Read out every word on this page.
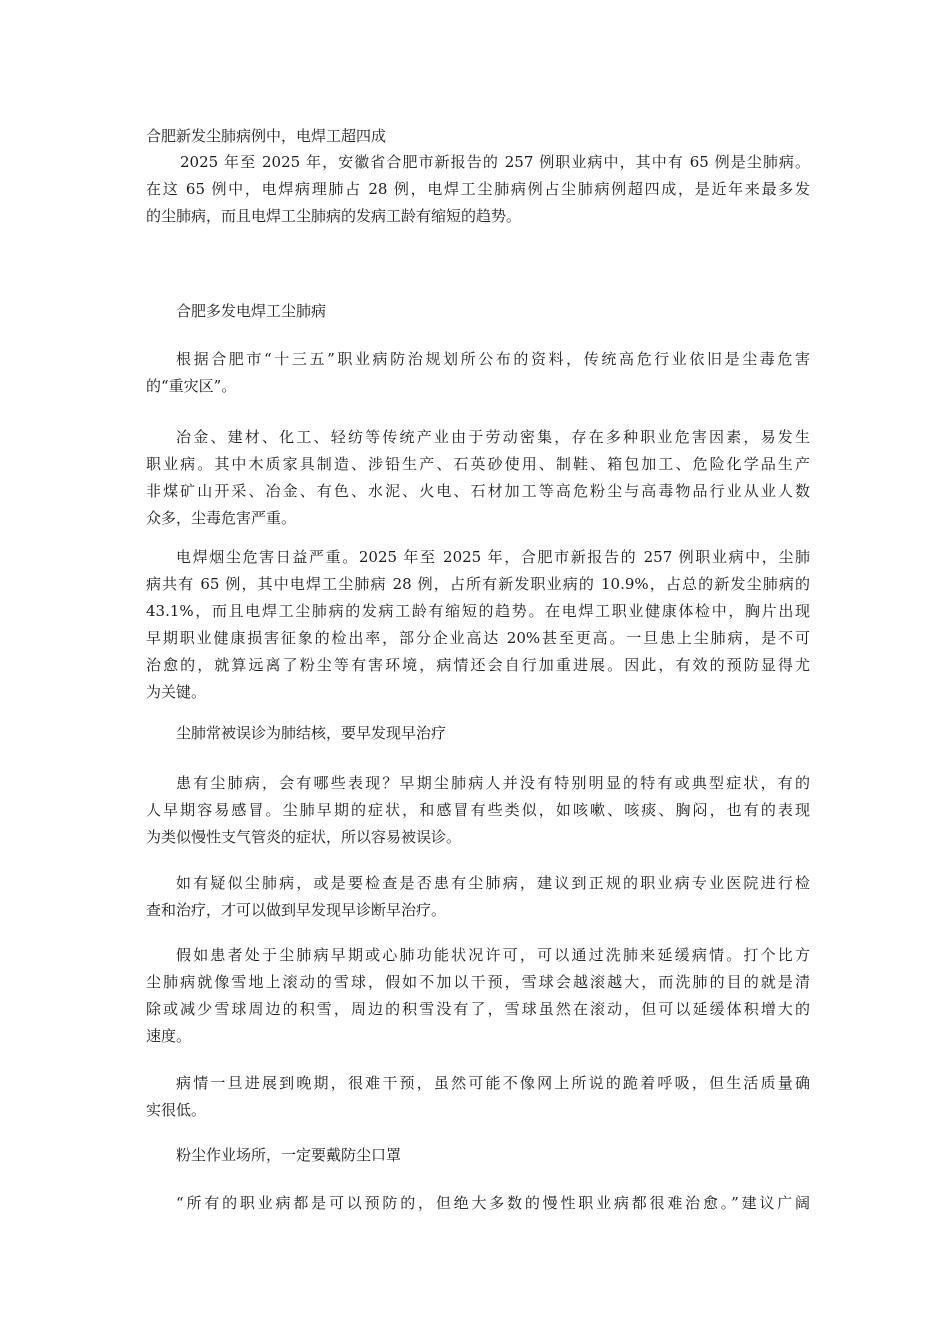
合肥新发尘肺病例中，电焊工超四成
2025 年至 2025 年，安徽省合肥市新报告的 257 例职业病中，其中有 65 例是尘肺病。
在这 65 例中，电焊病理肺占 28 例，电焊工尘肺病例占尘肺病例超四成，是近年来最多发
的尘肺病，而且电焊工尘肺病的发病工龄有缩短的趋势。
合肥多发电焊工尘肺病
根据合肥市“十三五”职业病防治规划所公布的资料，传统高危行业依旧是尘毒危害
的“重灾区”。
冶金、建材、化工、轻纺等传统产业由于劳动密集，存在多种职业危害因素，易发生
职业病。其中木质家具制造、涉铅生产、石英砂使用、制鞋、箱包加工、危险化学品生产
非煤矿山开采、冶金、有色、水泥、火电、石材加工等高危粉尘与高毒物品行业从业人数
众多，尘毒危害严重。
电焊烟尘危害日益严重。2025 年至 2025 年，合肥市新报告的 257 例职业病中，尘肺
病共有 65 例，其中电焊工尘肺病 28 例，占所有新发职业病的 10.9%，占总的新发尘肺病的
43.1%，而且电焊工尘肺病的发病工龄有缩短的趋势。在电焊工职业健康体检中，胸片出现
早期职业健康损害征象的检出率，部分企业高达 20%甚至更高。一旦患上尘肺病，是不可
治愈的，就算远离了粉尘等有害环境，病情还会自行加重进展。因此，有效的预防显得尤
为关键。
尘肺常被误诊为肺结核，要早发现早治疗
患有尘肺病，会有哪些表现？早期尘肺病人并没有特别明显的特有或典型症状，有的
人早期容易感冒。尘肺早期的症状，和感冒有些类似，如咳嗽、咳痰、胸闷，也有的表现
为类似慢性支气管炎的症状，所以容易被误诊。
如有疑似尘肺病，或是要检查是否患有尘肺病，建议到正规的职业病专业医院进行检
查和治疗，才可以做到早发现早诊断早治疗。
假如患者处于尘肺病早期或心肺功能状况许可，可以通过洗肺来延缓病情。打个比方
尘肺病就像雪地上滚动的雪球，假如不加以干预，雪球会越滚越大，而洗肺的目的就是清
除或减少雪球周边的积雪，周边的积雪没有了，雪球虽然在滚动，但可以延缓体积增大的
速度。
病情一旦进展到晚期，很难干预，虽然可能不像网上所说的跪着呼吸，但生活质量确
实很低。
粉尘作业场所，一定要戴防尘口罩
“所有的职业病都是可以预防的，但绝大多数的慢性职业病都很难治愈。”建议广阔
